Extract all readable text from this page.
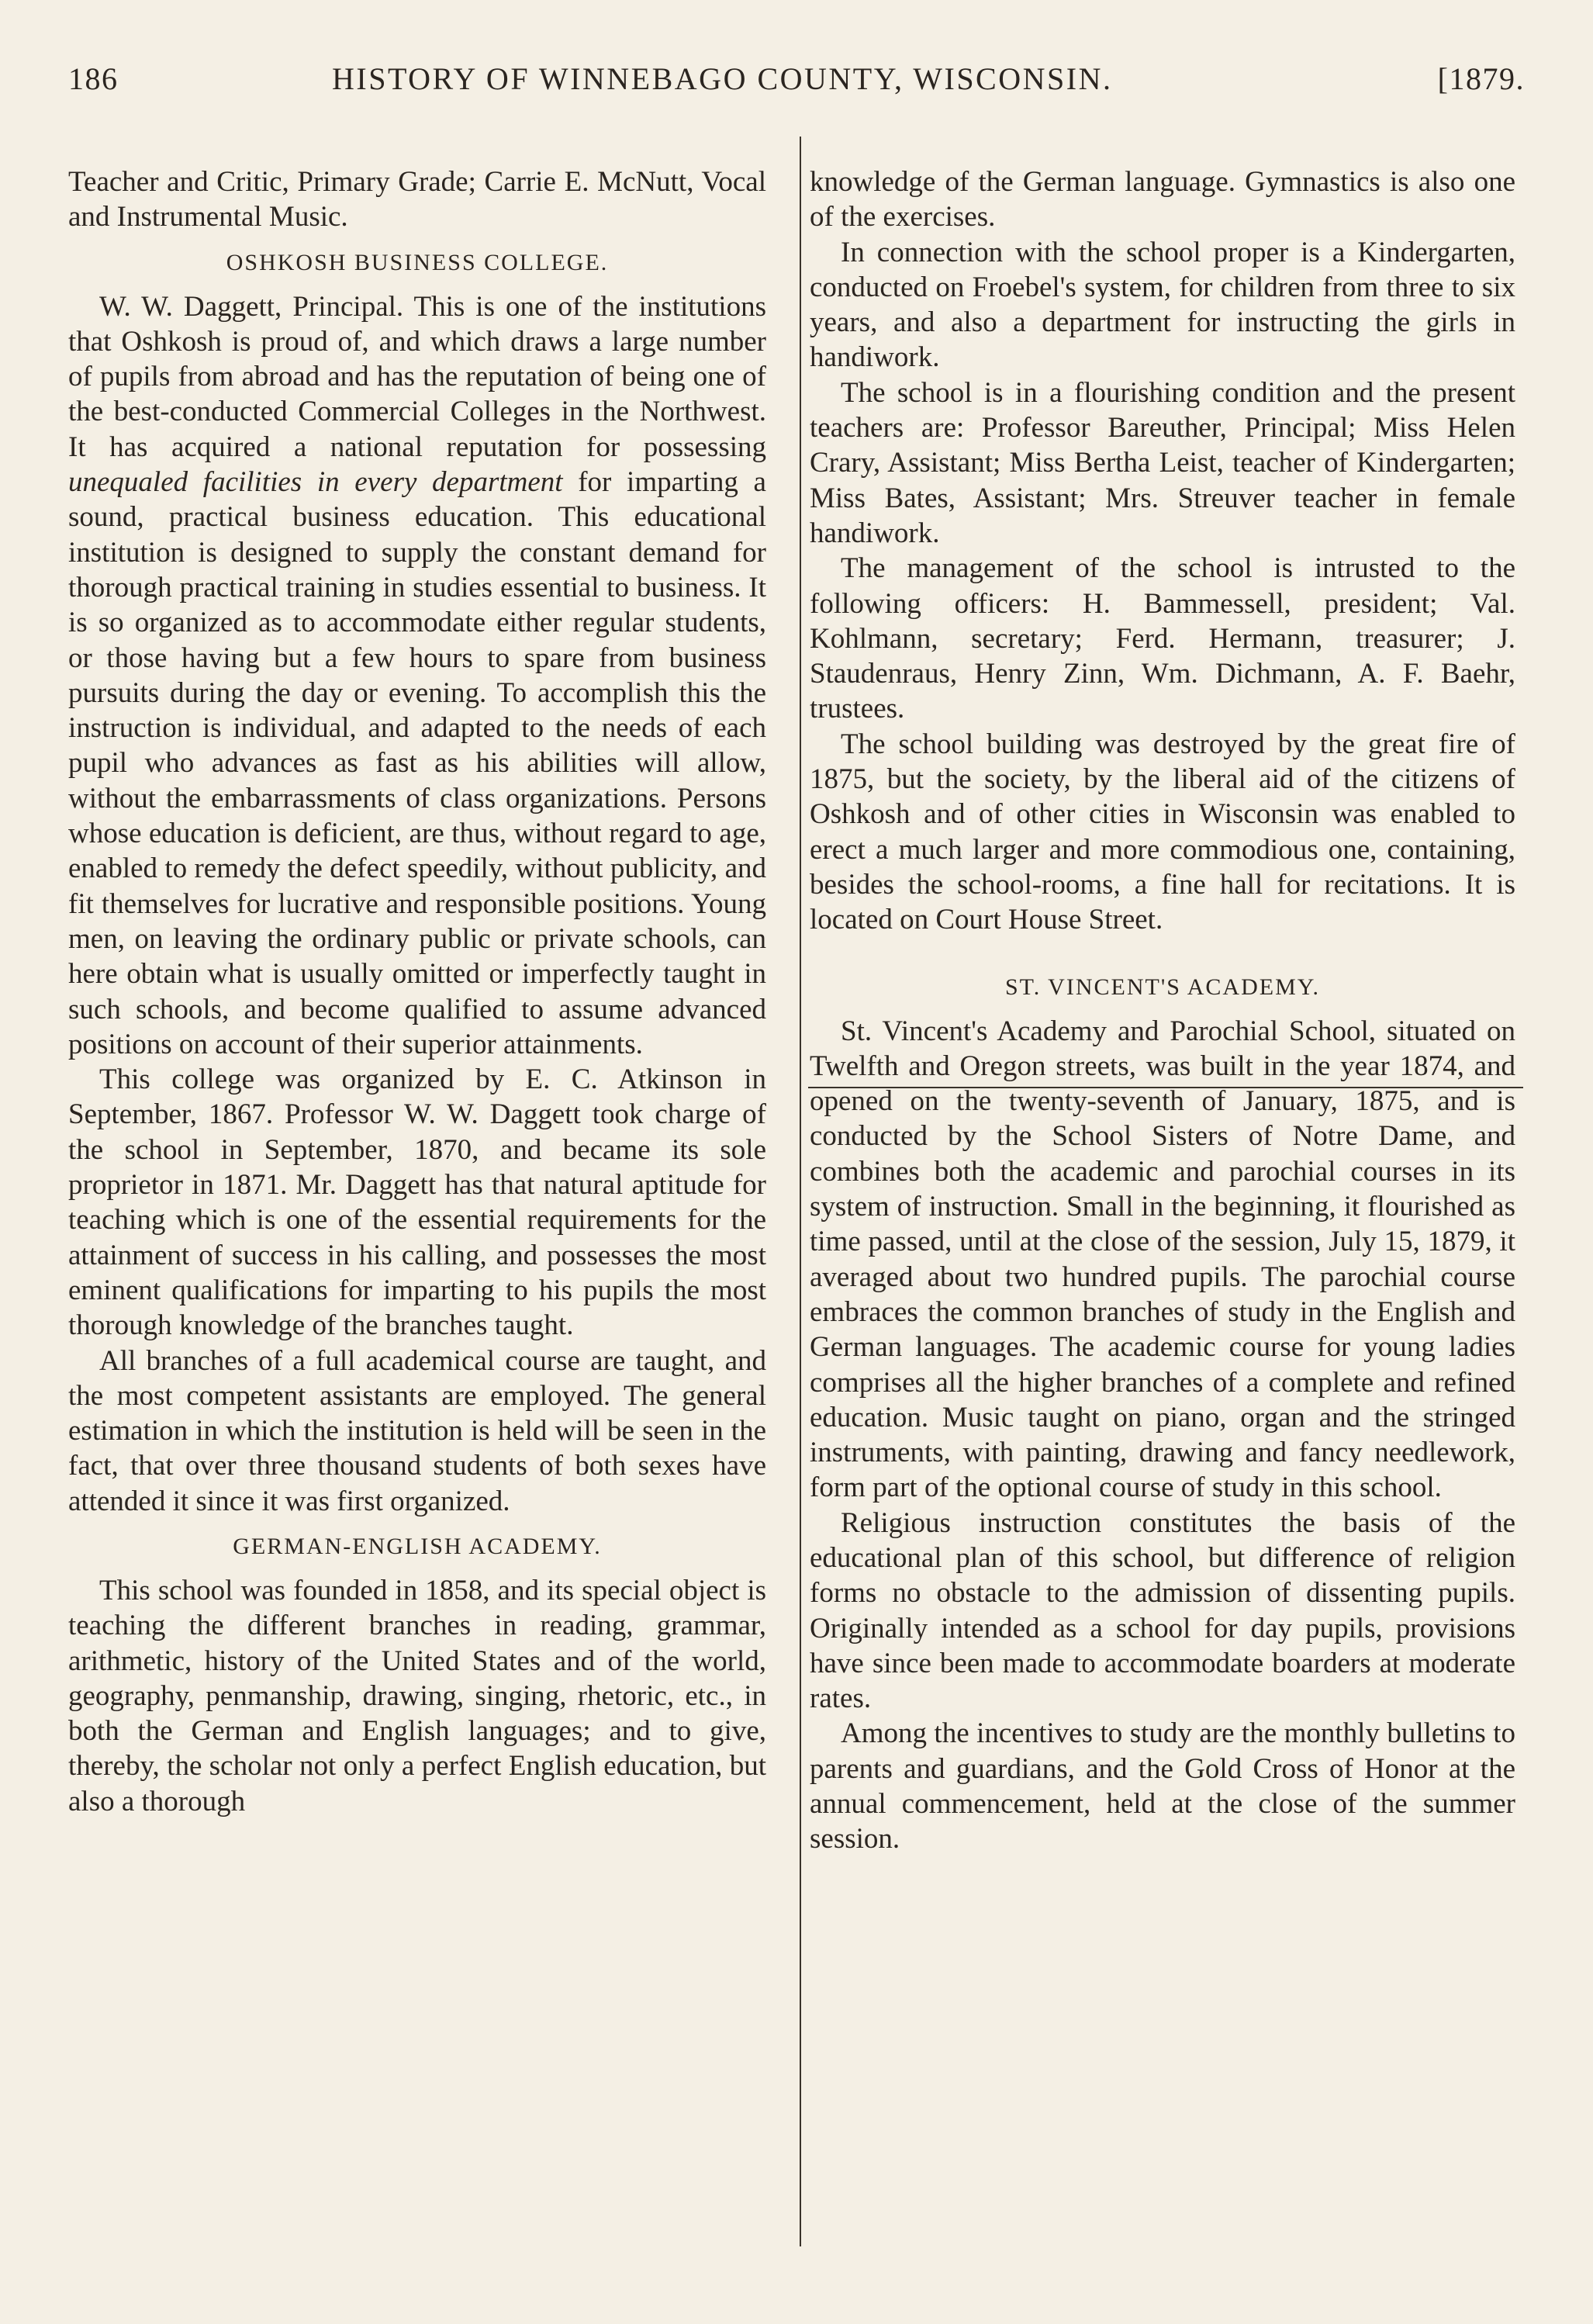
186	HISTORY OF WINNEBAGO COUNTY, WISCONSIN.	[1879.

Teacher and Critic, Primary Grade; Carrie E. McNutt, Vocal and Instrumental Music.

OSHKOSH BUSINESS COLLEGE.

W. W. Daggett, Principal. This is one of the institutions that Oshkosh is proud of, and which draws a large number of pupils from abroad and has the reputation of being one of the best-conducted Commercial Colleges in the Northwest. It has acquired a national reputation for possessing unequaled facilities in every department for imparting a sound, practical business education. This educational institution is designed to supply the constant demand for thorough practical training in studies essential to business. It is so organized as to accommodate either regular students, or those having but a few hours to spare from business pursuits during the day or evening. To accomplish this the instruction is individual, and adapted to the needs of each pupil who advances as fast as his abilities will allow, without the embarrassments of class organizations. Persons whose education is deficient, are thus, without regard to age, enabled to remedy the defect speedily, without publicity, and fit themselves for lucrative and responsible positions. Young men, on leaving the ordinary public or private schools, can here obtain what is usually omitted or imperfectly taught in such schools, and become qualified to assume advanced positions on account of their superior attainments.

This college was organized by E. C. Atkinson in September, 1867. Professor W. W. Daggett took charge of the school in September, 1870, and became its sole proprietor in 1871. Mr. Daggett has that natural aptitude for teaching which is one of the essential requirements for the attainment of success in his calling, and possesses the most eminent qualifications for imparting to his pupils the most thorough knowledge of the branches taught.

All branches of a full academical course are taught, and the most competent assistants are employed. The general estimation in which the institution is held will be seen in the fact, that over three thousand students of both sexes have attended it since it was first organized.

GERMAN-ENGLISH ACADEMY.

This school was founded in 1858, and its special object is teaching the different branches in reading, grammar, arithmetic, history of the United States and of the world, geography, penmanship, drawing, singing, rhetoric, etc., in both the German and English languages; and to give, thereby, the scholar not only a perfect English education, but also a thorough

knowledge of the German language. Gymnastics is also one of the exercises.

In connection with the school proper is a Kindergarten, conducted on Froebel's system, for children from three to six years, and also a department for instructing the girls in handiwork.

The school is in a flourishing condition and the present teachers are: Professor Bareuther, Principal; Miss Helen Crary, Assistant; Miss Bertha Leist, teacher of Kindergarten; Miss Bates, Assistant; Mrs. Streuver teacher in female handiwork.

The management of the school is intrusted to the following officers: H. Bammessell, president; Val. Kohlmann, secretary; Ferd. Hermann, treasurer; J. Staudenraus, Henry Zinn, Wm. Dichmann, A. F. Baehr, trustees.

The school building was destroyed by the great fire of 1875, but the society, by the liberal aid of the citizens of Oshkosh and of other cities in Wisconsin was enabled to erect a much larger and more commodious one, containing, besides the school-rooms, a fine hall for recitations. It is located on Court House Street.

ST. VINCENT'S ACADEMY.

St. Vincent's Academy and Parochial School, situated on Twelfth and Oregon streets, was built in the year 1874, and opened on the twenty-seventh of January, 1875, and is conducted by the School Sisters of Notre Dame, and combines both the academic and parochial courses in its system of instruction. Small in the beginning, it flourished as time passed, until at the close of the session, July 15, 1879, it averaged about two hundred pupils. The parochial course embraces the common branches of study in the English and German languages. The academic course for young ladies comprises all the higher branches of a complete and refined education. Music taught on piano, organ and the stringed instruments, with painting, drawing and fancy needlework, form part of the optional course of study in this school.

Religious instruction constitutes the basis of the educational plan of this school, but difference of religion forms no obstacle to the admission of dissenting pupils. Originally intended as a school for day pupils, provisions have since been made to accommodate boarders at moderate rates.

Among the incentives to study are the monthly bulletins to parents and guardians, and the Gold Cross of Honor at the annual commencement, held at the close of the summer session.
